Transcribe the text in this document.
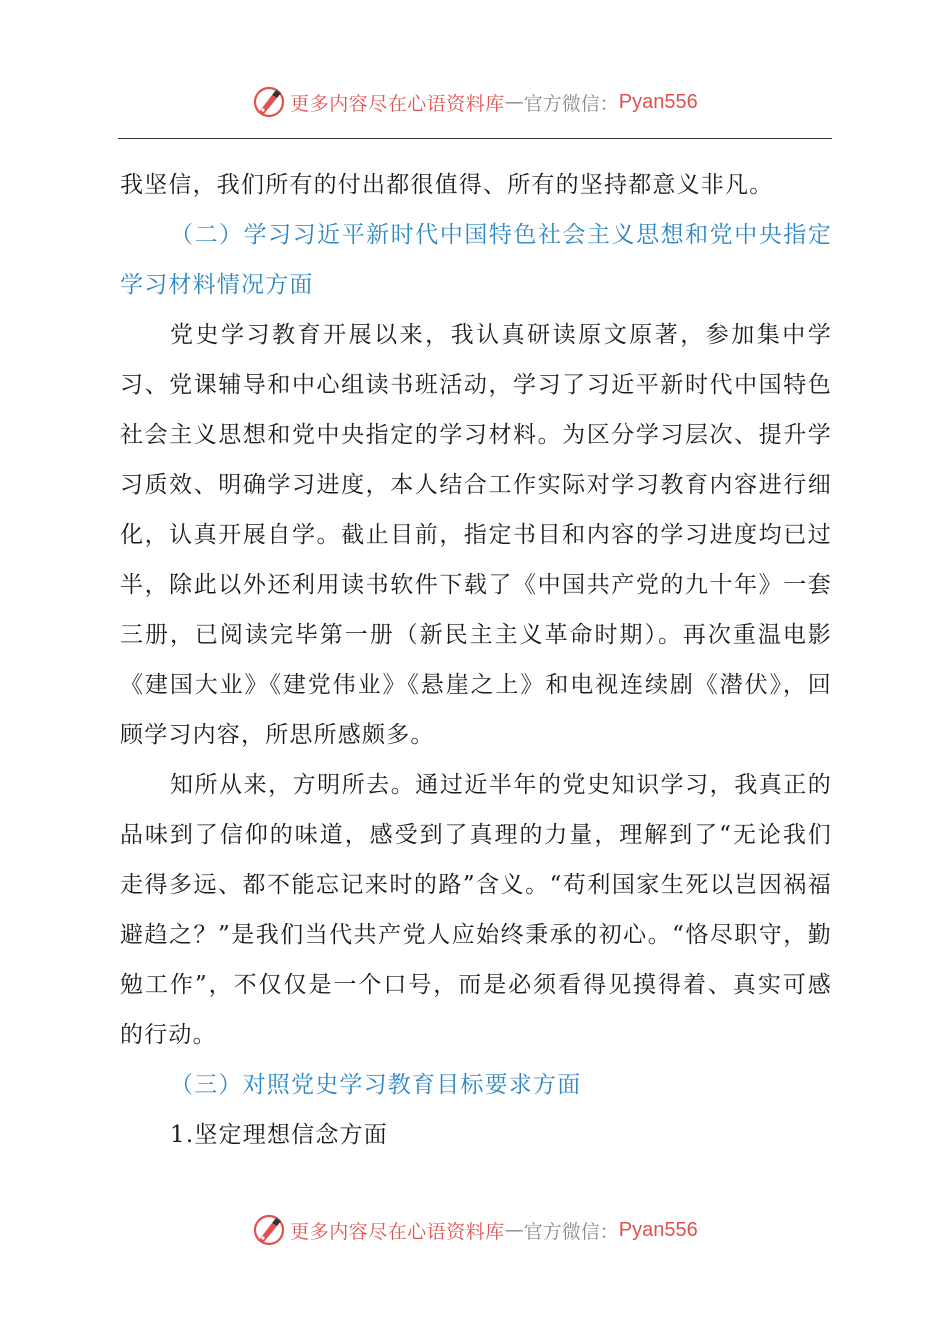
更多内容尽在心语资料库 — 官方微信： Pyan556

我坚信，我们所有的付出都很值得、所有的坚持都意义非凡。

（二）学习习近平新时代中国特色社会主义思想和党中央指定学习材料情况方面

党史学习教育开展以来，我认真研读原文原著，参加集中学习、党课辅导和中心组读书班活动，学习了习近平新时代中国特色社会主义思想和党中央指定的学习材料。为区分学习层次、提升学习质效、明确学习进度，本人结合工作实际对学习教育内容进行细化，认真开展自学。截止目前，指定书目和内容的学习进度均已过半，除此以外还利用读书软件下载了《中国共产党的九十年》一套三册，已阅读完毕第一册（新民主主义革命时期）。再次重温电影《建国大业》《建党伟业》《悬崖之上》和电视连续剧《潜伏》，回顾学习内容，所思所感颇多。

知所从来，方明所去。通过近半年的党史知识学习，我真正的品味到了信仰的味道，感受到了真理的力量，理解到了“无论我们走得多远、都不能忘记来时的路”含义。“苟利国家生死以岂因祸福避趋之？”是我们当代共产党人应始终秉承的初心。“恪尽职守，勤勉工作”，不仅仅是一个口号，而是必须看得见摸得着、真实可感的行动。

（三）对照党史学习教育目标要求方面

1.坚定理想信念方面

更多内容尽在心语资料库 — 官方微信： Pyan556
